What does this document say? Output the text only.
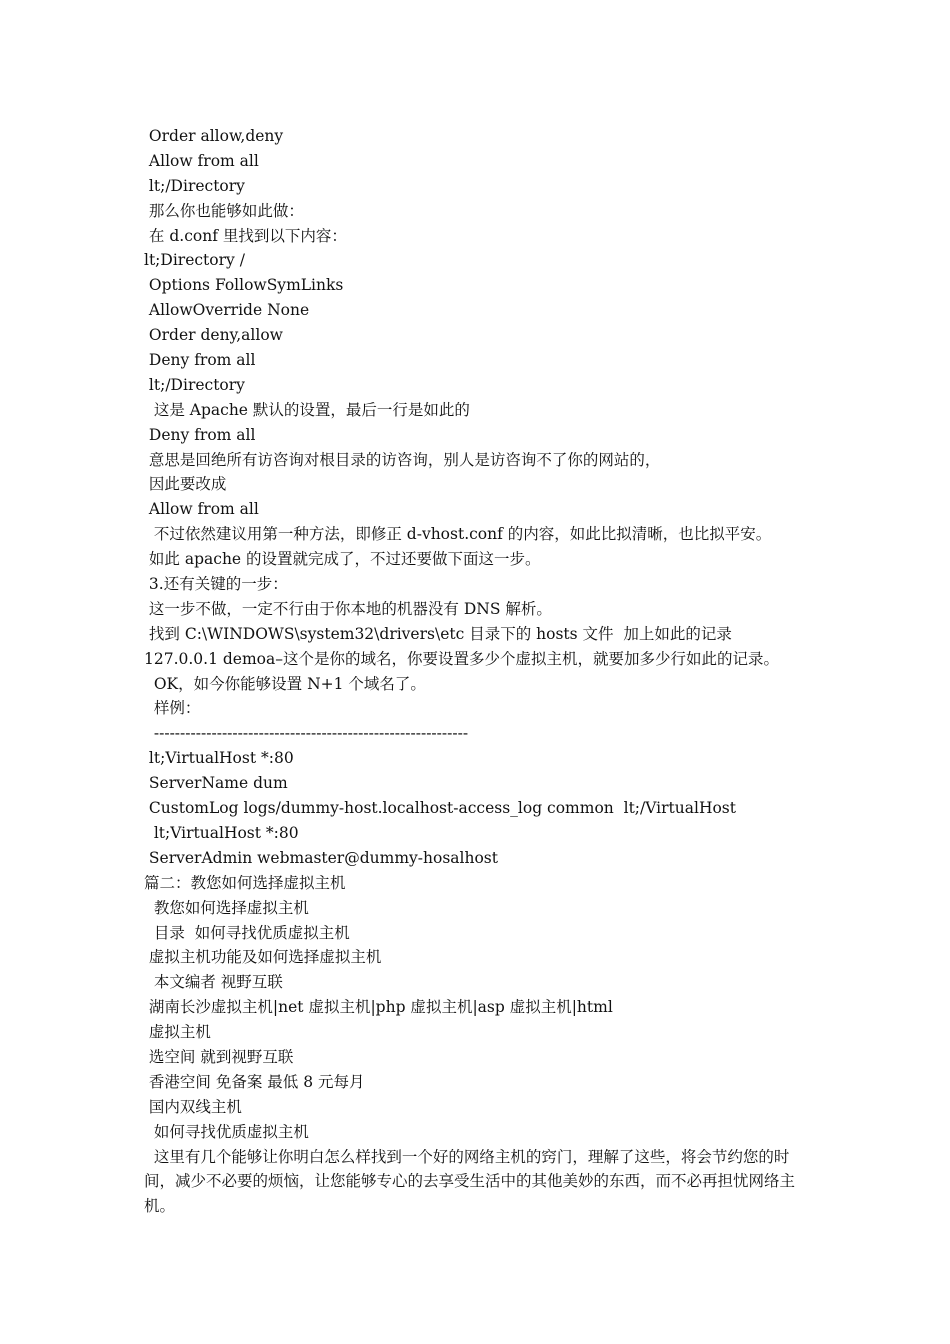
Order allow,deny
Allow from all
lt;/Directory
那么你也能够如此做：
在 d.conf 里找到以下内容：
lt;Directory /
Options FollowSymLinks
AllowOverride None
Order deny,allow
Deny from all
lt;/Directory
这是 Apache 默认的设置，最后一行是如此的
Deny from all
意思是回绝所有访咨询对根目录的访咨询，别人是访咨询不了你的网站的，
因此要改成
Allow from all
不过依然建议用第一种方法，即修正 d-vhost.conf 的内容，如此比拟清晰，也比拟平安。
如此 apache 的设置就完成了，不过还要做下面这一步。
3.还有关键的一步：
这一步不做，一定不行由于你本地的机器没有 DNS 解析。
找到 C:\WINDOWS\system32\drivers\etc 目录下的 hosts 文件  加上如此的记录
127.0.0.1 demoa–这个是你的域名，你要设置多少个虚拟主机，就要加多少行如此的记录。
OK，如今你能够设置 N+1 个域名了。
样例：
------------------------------------------------------------
lt;VirtualHost *:80
ServerName dum
CustomLog logs/dummy-host.localhost-access_log common  lt;/VirtualHost
lt;VirtualHost *:80
ServerAdmin webmaster@dummy-hosalhost
篇二：教您如何选择虚拟主机
教您如何选择虚拟主机
目录  如何寻找优质虚拟主机
虚拟主机功能及如何选择虚拟主机
本文编者 视野互联
湖南长沙虚拟主机|net 虚拟主机|php 虚拟主机|asp 虚拟主机|html
虚拟主机
选空间 就到视野互联
香港空间 免备案 最低 8 元每月
国内双线主机
如何寻找优质虚拟主机
这里有几个能够让你明白怎么样找到一个好的网络主机的窍门，理解了这些，将会节约您的时间，减少不必要的烦恼，让您能够专心的去享受生活中的其他美妙的东西，而不必再担忧网络主机。
